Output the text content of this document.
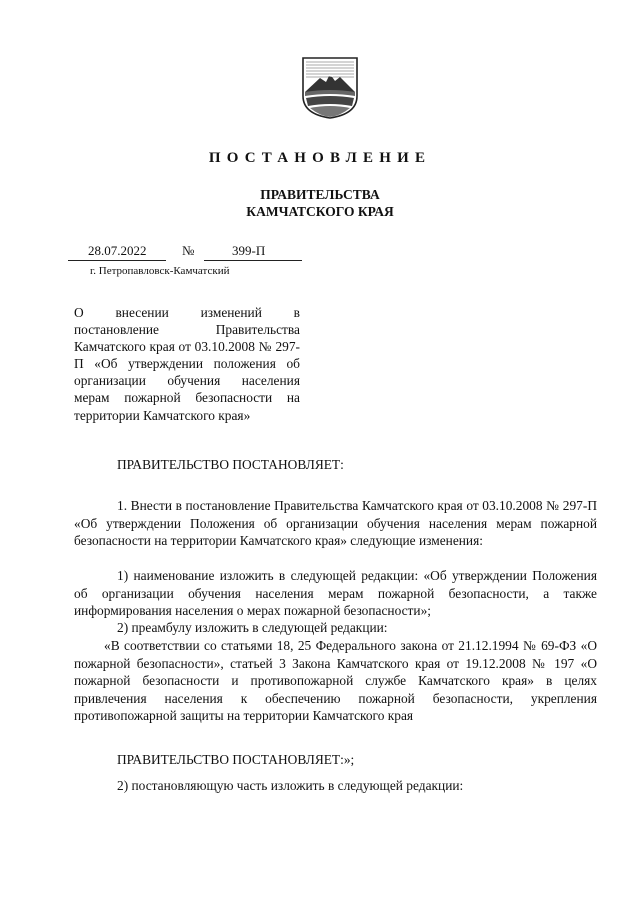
ПОСТАНОВЛЕНИЕ
ПРАВИТЕЛЬСТВА
КАМЧАТСКОГО КРАЯ
28.07.2022	№	399-П
г. Петропавловск-Камчатский
О внесении изменений в постановление Правительства Камчатского края от 03.10.2008 № 297-П «Об утверждении положения об организации обучения населения мерам пожарной безопасности на
территории Камчатского края»
ПРАВИТЕЛЬСТВО ПОСТАНОВЛЯЕТ:
1. Внести в постановление Правительства Камчатского края от 03.10.2008 № 297-П «Об утверждении Положения об организации обучения населения мерам пожарной безопасности на территории Камчатского края» следующие изменения:
1) наименование изложить в следующей редакции: «Об утверждении Положения об организации обучения населения мерам пожарной безопасности, а также информирования населения о мерах пожарной безопасности»;
2) преамбулу изложить в следующей редакции:
«В соответствии со статьями 18, 25 Федерального закона от 21.12.1994 № 69-ФЗ «О пожарной безопасности», статьей 3 Закона Камчатского края от 19.12.2008 № 197 «О пожарной безопасности и противопожарной службе Камчатского края» в целях привлечения населения к обеспечению пожарной безопасности, укрепления противопожарной защиты на территории Камчатского края
ПРАВИТЕЛЬСТВО ПОСТАНОВЛЯЕТ:»;
2) постановляющую часть изложить в следующей редакции:
